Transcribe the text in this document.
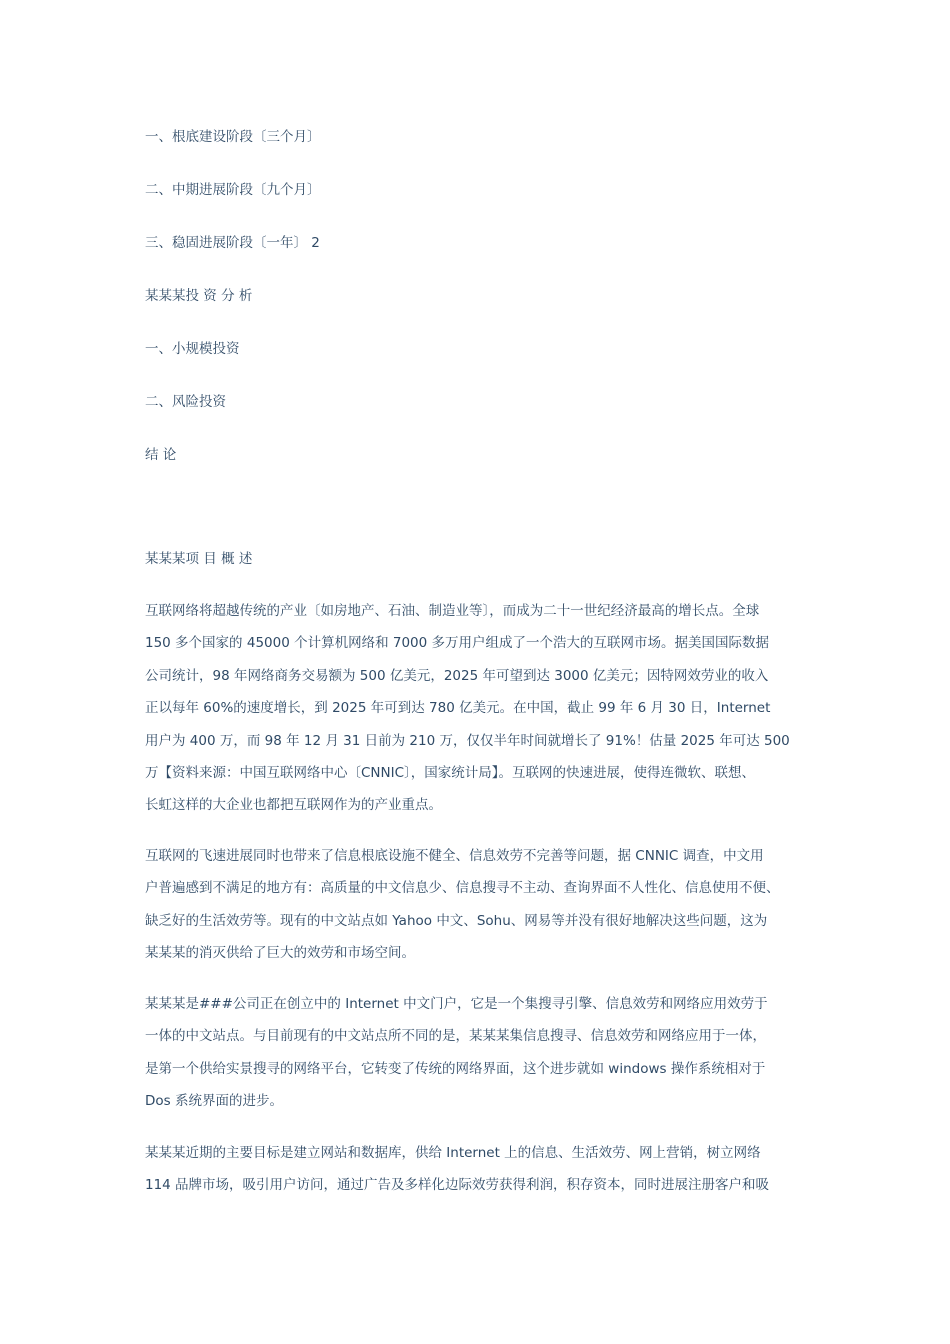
一、根底建设阶段〔三个月〕

二、中期进展阶段〔九个月〕

三、稳固进展阶段〔一年〕 2

某某某投 资 分 析

一、小规模投资

二、风险投资

结 论

某某某项 目 概 述
互联网络将超越传统的产业〔如房地产、石油、制造业等〕，而成为二十一世纪经济最高的增长点。全球
150 多个国家的 45000 个计算机网络和 7000 多万用户组成了一个浩大的互联网市场。据美国国际数据
公司统计，98 年网络商务交易额为 500 亿美元，2025 年可望到达 3000 亿美元；因特网效劳业的收入
正以每年 60%的速度增长，到 2025 年可到达 780 亿美元。在中国，截止 99 年 6 月 30 日，Internet
用户为 400 万，而 98 年 12 月 31 日前为 210 万，仅仅半年时间就增长了 91%！估量 2025 年可达 500
万【资料来源：中国互联网络中心〔CNNIC〕，国家统计局】。互联网的快速进展，使得连微软、联想、
长虹这样的大企业也都把互联网作为的产业重点。
互联网的飞速进展同时也带来了信息根底设施不健全、信息效劳不完善等问题，据 CNNIC 调查，中文用
户普遍感到不满足的地方有：高质量的中文信息少、信息搜寻不主动、查询界面不人性化、信息使用不便、
缺乏好的生活效劳等。现有的中文站点如 Yahoo 中文、Sohu、网易等并没有很好地解决这些问题，这为
某某某的消灭供给了巨大的效劳和市场空间。
某某某是###公司正在创立中的 Internet 中文门户，它是一个集搜寻引擎、信息效劳和网络应用效劳于
一体的中文站点。与目前现有的中文站点所不同的是，某某某集信息搜寻、信息效劳和网络应用于一体，
是第一个供给实景搜寻的网络平台，它转变了传统的网络界面，这个进步就如 windows 操作系统相对于
Dos 系统界面的进步。
某某某近期的主要目标是建立网站和数据库，供给 Internet 上的信息、生活效劳、网上营销，树立网络
114 品牌市场，吸引用户访问，通过广告及多样化边际效劳获得利润，积存资本，同时进展注册客户和吸
